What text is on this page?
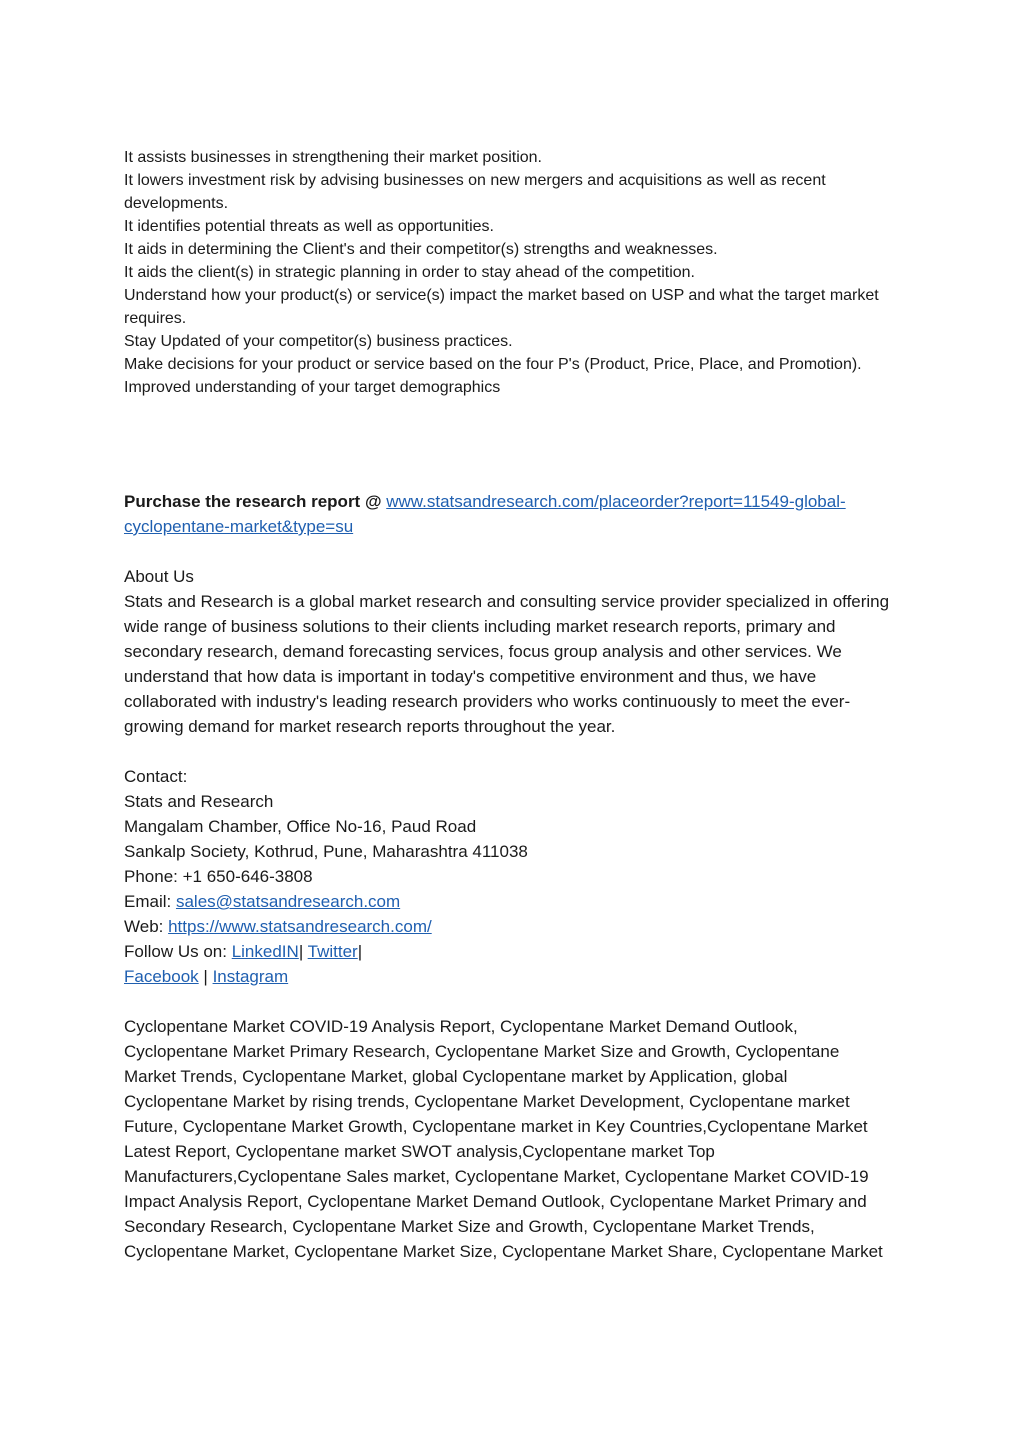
It assists businesses in strengthening their market position.
It lowers investment risk by advising businesses on new mergers and acquisitions as well as recent developments.
It identifies potential threats as well as opportunities.
It aids in determining the Client's and their competitor(s) strengths and weaknesses.
It aids the client(s) in strategic planning in order to stay ahead of the competition.
Understand how your product(s) or service(s) impact the market based on USP and what the target market requires.
Stay Updated of your competitor(s) business practices.
Make decisions for your product or service based on the four P's (Product, Price, Place, and Promotion).
Improved understanding of your target demographics

Purchase the research report @ www.statsandresearch.com/placeorder?report=11549-global-cyclopentane-market&type=su

About Us

Stats and Research is a global market research and consulting service provider specialized in offering wide range of business solutions to their clients including market research reports, primary and secondary research, demand forecasting services, focus group analysis and other services. We understand that how data is important in today's competitive environment and thus, we have collaborated with industry's leading research providers who works continuously to meet the ever-growing demand for market research reports throughout the year.

Contact:

Stats and Research

Mangalam Chamber, Office No-16, Paud Road

Sankalp Society, Kothrud, Pune, Maharashtra 411038

Phone: +1 650-646-3808

Email: sales@statsandresearch.com

Web: https://www.statsandresearch.com/

Follow Us on: LinkedIN| Twitter|

Facebook | Instagram

Cyclopentane Market COVID-19 Analysis Report, Cyclopentane Market Demand Outlook, Cyclopentane Market Primary Research, Cyclopentane Market Size and Growth, Cyclopentane Market Trends, Cyclopentane Market, global Cyclopentane market by Application, global Cyclopentane Market by rising trends, Cyclopentane Market Development, Cyclopentane market Future, Cyclopentane Market Growth, Cyclopentane market in Key Countries,Cyclopentane Market Latest Report, Cyclopentane market SWOT analysis,Cyclopentane market Top Manufacturers,Cyclopentane Sales market, Cyclopentane Market, Cyclopentane Market COVID-19 Impact Analysis Report, Cyclopentane Market Demand Outlook, Cyclopentane Market Primary and Secondary Research, Cyclopentane Market Size and Growth, Cyclopentane Market Trends, Cyclopentane Market, Cyclopentane Market Size, Cyclopentane Market Share, Cyclopentane Market
